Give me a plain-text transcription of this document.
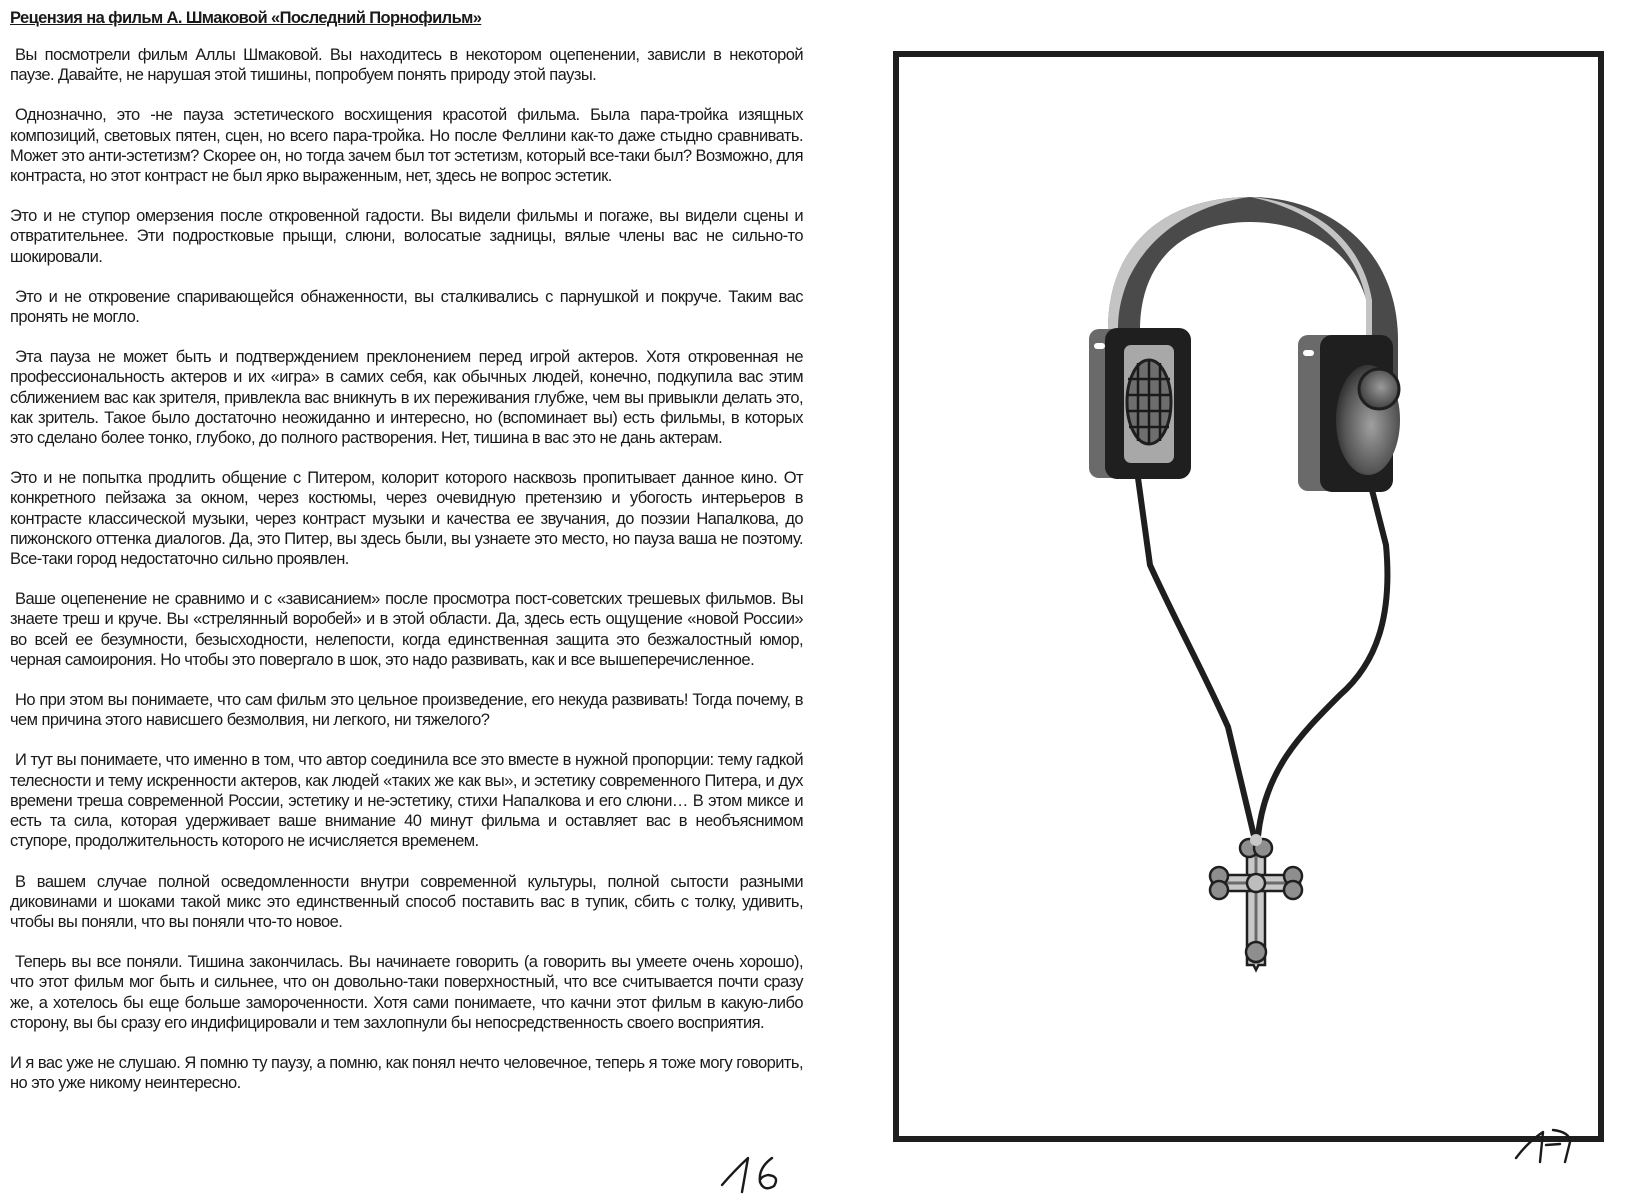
Рецензия на фильм А. Шмаковой «Последний Порнофильм»

Вы посмотрели фильм Аллы Шмаковой. Вы находитесь в некотором оцепенении, зависли в некоторой паузе. Давайте, не нарушая этой тишины, попробуем понять природу этой паузы.

Однозначно, это -не пауза эстетического восхищения красотой фильма. Была пара-тройка изящных композиций, световых пятен, сцен, но всего пара-тройка. Но после Феллини как-то даже стыдно сравнивать. Может это анти-эстетизм? Скорее он, но тогда зачем был тот эстетизм, который все-таки был? Возможно, для контраста, но этот контраст не был ярко выраженным, нет, здесь не вопрос эстетик.

Это и не ступор омерзения после откровенной гадости. Вы видели фильмы и погаже, вы видели сцены и отвратительнее. Эти подростковые прыщи, слюни, волосатые задницы, вялые члены вас не сильно-то шокировали.

Это и не откровение спаривающейся обнаженности, вы сталкивались с парнушкой и покруче. Таким вас пронять не могло.

Эта пауза не может быть и подтверждением преклонением перед игрой актеров. Хотя откровенная не профессиональность актеров и их «игра» в самих себя, как обычных людей, конечно, подкупила вас этим сближением вас как зрителя, привлекла вас вникнуть в их переживания глубже, чем вы привыкли делать это, как зритель. Такое было достаточно неожиданно и интересно, но (вспоминает вы) есть фильмы, в которых это сделано более тонко, глубоко, до полного растворения. Нет, тишина в вас это не дань актерам.

Это и не попытка продлить общение с Питером, колорит которого насквозь пропитывает данное кино. От конкретного пейзажа за окном, через костюмы, через очевидную претензию и убогость интерьеров в контрасте классической музыки, через контраст музыки и качества ее звучания, до поэзии Напалкова, до пижонского оттенка диалогов. Да, это Питер, вы здесь были, вы узнаете это место, но пауза ваша не поэтому. Все-таки город недостаточно сильно проявлен.

Ваше оцепенение не сравнимо и с «зависанием» после просмотра пост-советских трешевых фильмов. Вы знаете треш и круче. Вы «стрелянный воробей» и в этой области. Да, здесь есть ощущение «новой России» во всей ее безумности, безысходности, нелепости, когда единственная защита это безжалостный юмор, черная самоирония. Но чтобы это повергало в шок, это надо развивать, как и все вышеперечисленное.

Но при этом вы понимаете, что сам фильм это цельное произведение, его некуда развивать! Тогда почему, в чем причина этого нависшего безмолвия, ни легкого, ни тяжелого?

И тут вы понимаете, что именно в том, что автор соединила все это вместе в нужной пропорции: тему гадкой телесности и тему искренности актеров, как людей «таких же как вы», и эстетику современного Питера, и дух времени треша современной России, эстетику и не-эстетику, стихи Напалкова и его слюни… В этом миксе и есть та сила, которая удерживает ваше внимание 40 минут фильма и оставляет вас в необъяснимом ступоре, продолжительность которого не исчисляется временем.

В вашем случае полной осведомленности внутри современной культуры, полной сытости разными диковинами и шоками такой микс это единственный способ поставить вас в тупик, сбить с толку, удивить, чтобы вы поняли, что вы поняли что-то новое.

Теперь вы все поняли. Тишина закончилась. Вы начинаете говорить (а говорить вы умеете очень хорошо), что этот фильм мог быть и сильнее, что он довольно-таки поверхностный, что все считывается почти сразу же, а хотелось бы еще больше замороченности. Хотя сами понимаете, что качни этот фильм в какую-либо сторону, вы бы сразу его индифицировали и тем захлопнули бы непосредственность своего восприятия.

И я вас уже не слушаю. Я помню ту паузу, а помню, как понял нечто человечное, теперь я тоже могу говорить, но это уже никому неинтересно.
